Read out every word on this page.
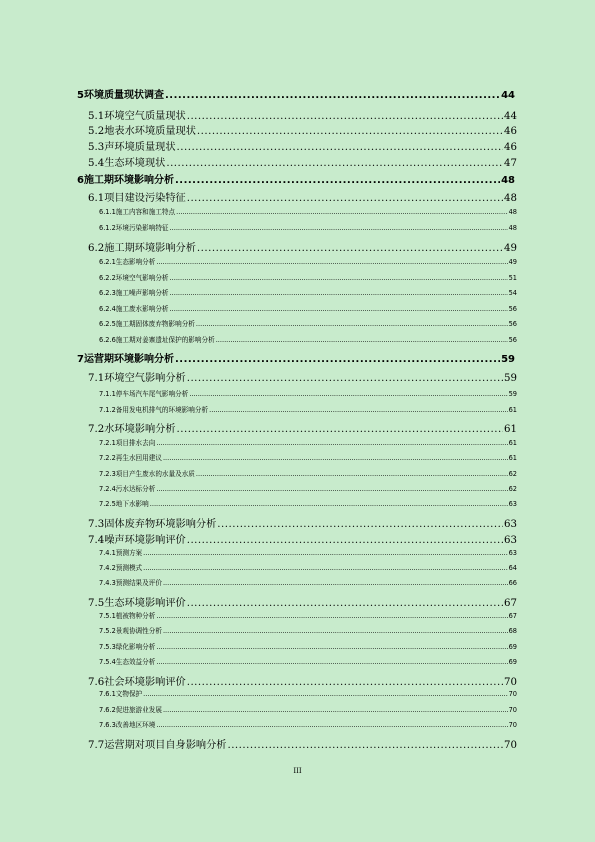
5 环境质量现状调查 .....	44
5.1 环境空气质量现状 .....	44
5.2 地表水环境质量现状 .....	46
5.3 声环境质量现状 .....	46
5.4 生态环境现状 .....	47
6 施工期环境影响分析 .....	48
6.1 项目建设污染特征 .....	48
6.1.1 施工内容和施工特点 .....	48
6.1.2 环境污染影响特征 .....	48
6.2 施工期环境影响分析 .....	49
6.2.1 生态影响分析 .....	49
6.2.2 环境空气影响分析 .....	51
6.2.3 施工噪声影响分析 .....	54
6.2.4 施工废水影响分析 .....	56
6.2.5 施工期固体废弃物影响分析 .....	56
6.2.6 施工期对姜寨遗址保护的影响分析 .....	56
7 运营期环境影响分析 .....	59
7.1 环境空气影响分析 .....	59
7.1.1 停车场汽车尾气影响分析 .....	59
7.1.2 备用发电机排气的环境影响分析 .....	61
7.2 水环境影响分析 .....	61
7.2.1 项目排水去向 .....	61
7.2.2 再生水回用建议 .....	61
7.2.3 项目产生废水的水量及水质 .....	62
7.2.4 污水达标分析 .....	62
7.2.5 地下水影响 .....	63
7.3 固体废弃物环境影响分析 .....	63
7.4 噪声环境影响评价 .....	63
7.4.1 预测方案 .....	63
7.4.2 预测模式 .....	64
7.4.3 预测结果及评价 .....	66
7.5 生态环境影响评价 .....	67
7.5.1 植被物种分析 .....	67
7.5.2 景观协调性分析 .....	68
7.5.3 绿化影响分析 .....	69
7.5.4 生态效益分析 .....	69
7.6 社会环境影响评价 .....	70
7.6.1 文物保护 .....	70
7.6.2 促进旅游业发展 .....	70
7.6.3 改善地区环境 .....	70
7.7 运营期对项目自身影响分析 .....	70
III
